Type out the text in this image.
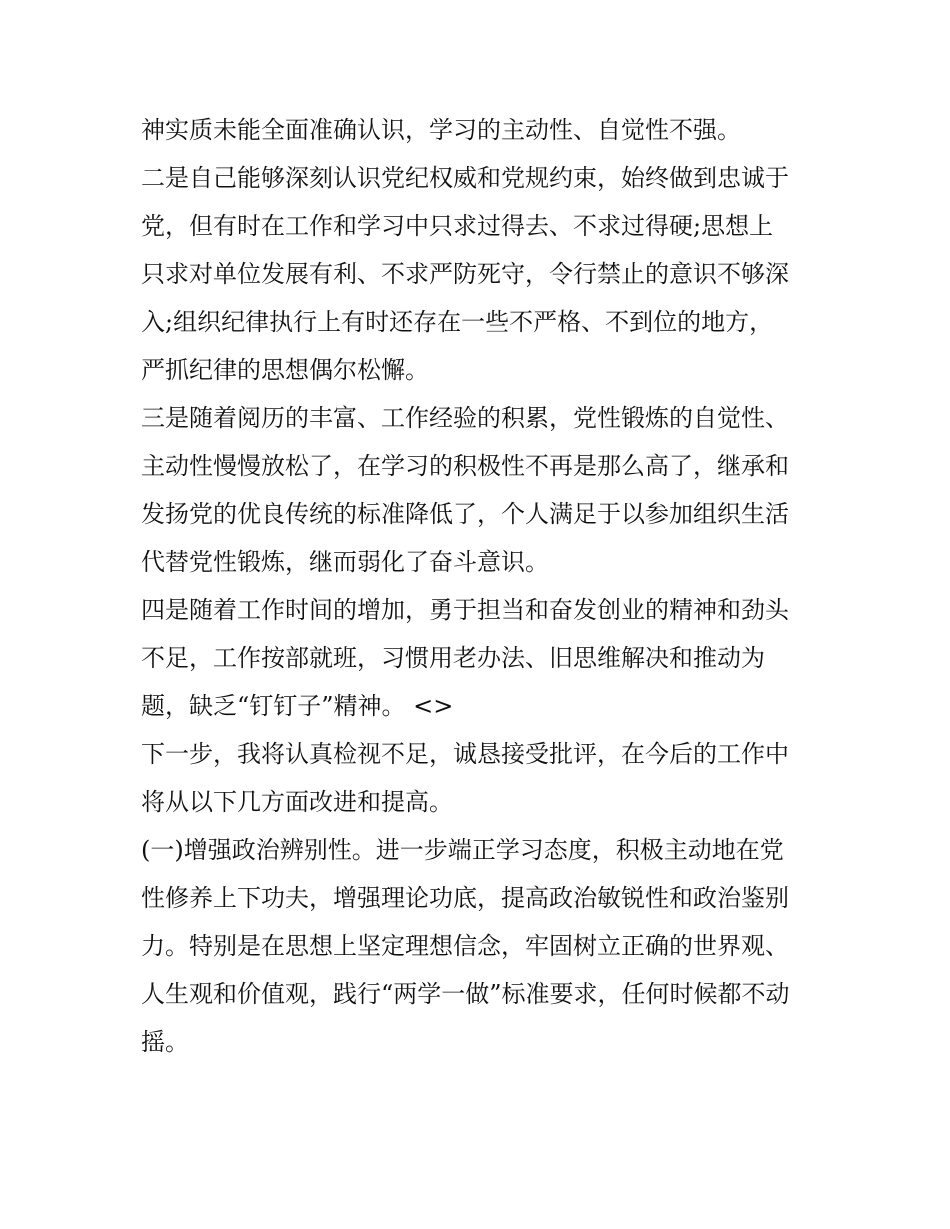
神实质未能全面准确认识，学习的主动性、自觉性不强。
二是自己能够深刻认识党纪权威和党规约束，始终做到忠诚于
党，但有时在工作和学习中只求过得去、不求过得硬;思想上
只求对单位发展有利、不求严防死守，令行禁止的意识不够深
入;组织纪律执行上有时还存在一些不严格、不到位的地方，
严抓纪律的思想偶尔松懈。
三是随着阅历的丰富、工作经验的积累，党性锻炼的自觉性、
主动性慢慢放松了，在学习的积极性不再是那么高了，继承和
发扬党的优良传统的标准降低了，个人满足于以参加组织生活
代替党性锻炼，继而弱化了奋斗意识。
四是随着工作时间的增加，勇于担当和奋发创业的精神和劲头
不足，工作按部就班，习惯用老办法、旧思维解决和推动为
题，缺乏“钉钉子”精神。 <>
下一步，我将认真检视不足，诚恳接受批评，在今后的工作中
将从以下几方面改进和提高。
(一)增强政治辨别性。进一步端正学习态度，积极主动地在党
性修养上下功夫，增强理论功底，提高政治敏锐性和政治鉴别
力。特别是在思想上坚定理想信念，牢固树立正确的世界观、
人生观和价值观，践行“两学一做”标准要求，任何时候都不动
摇。
